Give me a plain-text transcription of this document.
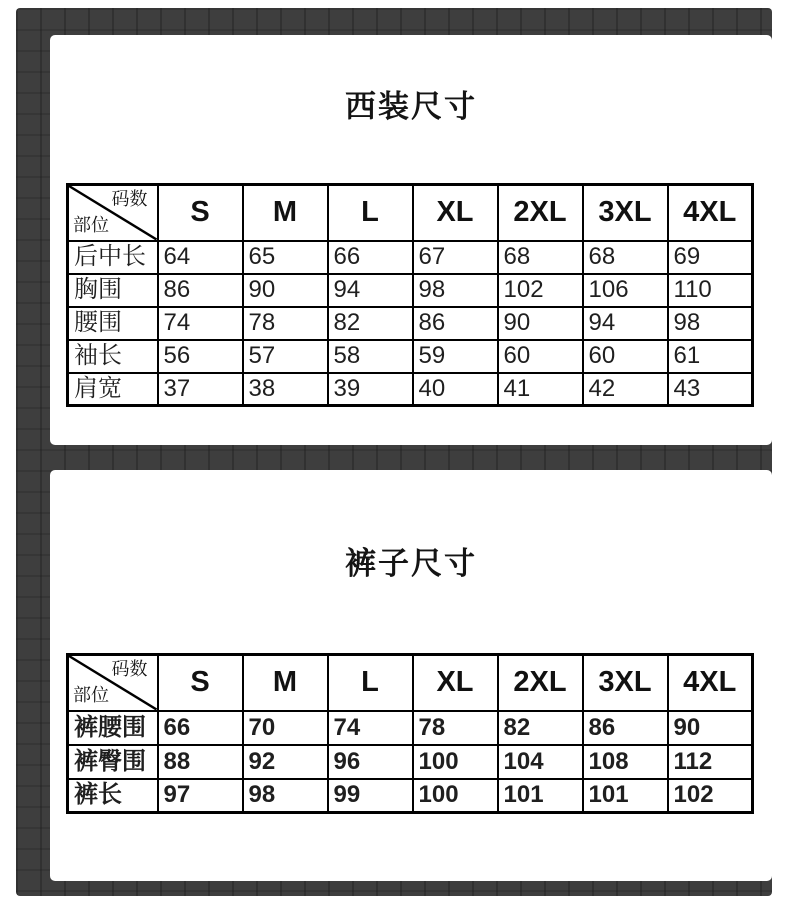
西装尺寸
码数
部位	S	M	L	XL	2XL	3XL	4XL
后中长	64	65	66	67	68	68	69
胸围	86	90	94	98	102	106	110
腰围	74	78	82	86	90	94	98
袖长	56	57	58	59	60	60	61
肩宽	37	38	39	40	41	42	43
裤子尺寸
码数
部位	S	M	L	XL	2XL	3XL	4XL
裤腰围	66	70	74	78	82	86	90
裤臀围	88	92	96	100	104	108	112
裤长	97	98	99	100	101	101	102
